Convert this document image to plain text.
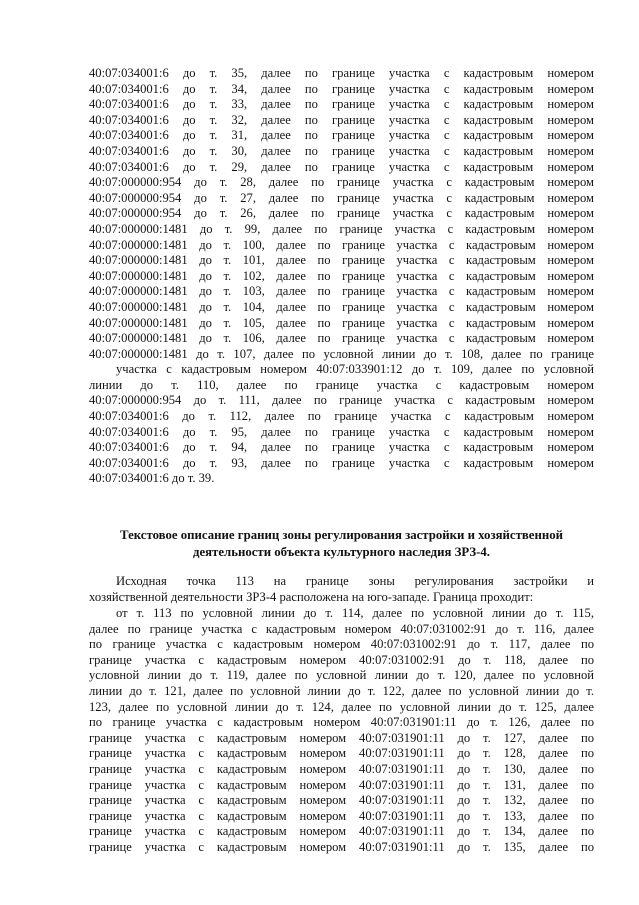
40:07:034001:6 до т. 35, далее по границе участка с кадастровым номером
40:07:034001:6 до т. 34, далее по границе участка с кадастровым номером
40:07:034001:6 до т. 33, далее по границе участка с кадастровым номером
40:07:034001:6 до т. 32, далее по границе участка с кадастровым номером
40:07:034001:6 до т. 31, далее по границе участка с кадастровым номером
40:07:034001:6 до т. 30, далее по границе участка с кадастровым номером
40:07:034001:6 до т. 29, далее по границе участка с кадастровым номером
40:07:000000:954 до т. 28, далее по границе участка с кадастровым номером
40:07:000000:954 до т. 27, далее по границе участка с кадастровым номером
40:07:000000:954 до т. 26, далее по границе участка с кадастровым номером
40:07:000000:1481 до т. 99, далее по границе участка с кадастровым номером
40:07:000000:1481 до т. 100, далее по границе участка с кадастровым номером
40:07:000000:1481 до т. 101, далее по границе участка с кадастровым номером
40:07:000000:1481 до т. 102, далее по границе участка с кадастровым номером
40:07:000000:1481 до т. 103, далее по границе участка с кадастровым номером
40:07:000000:1481 до т. 104, далее по границе участка с кадастровым номером
40:07:000000:1481 до т. 105, далее по границе участка с кадастровым номером
40:07:000000:1481 до т. 106, далее по границе участка с кадастровым номером
40:07:000000:1481 до т. 107, далее по условной линии до т. 108, далее по границе
участка с кадастровым номером 40:07:033901:12 до т. 109, далее по условной
линии до т. 110, далее по границе участка с кадастровым номером
40:07:000000:954 до т. 111, далее по границе участка с кадастровым номером
40:07:034001:6 до т. 112, далее по границе участка с кадастровым номером
40:07:034001:6 до т. 95, далее по границе участка с кадастровым номером
40:07:034001:6 до т. 94, далее по границе участка с кадастровым номером
40:07:034001:6 до т. 93, далее по границе участка с кадастровым номером
40:07:034001:6 до т. 39.
Текстовое описание границ зоны регулирования застройки и хозяйственной
деятельности объекта культурного наследия ЗРЗ-4.
Исходная точка 113 на границе зоны регулирования застройки и
хозяйственной деятельности ЗРЗ-4 расположена на юго-западе. Граница проходит:
от т. 113 по условной линии до т. 114, далее по условной линии до т. 115,
далее по границе участка с кадастровым номером 40:07:031002:91 до т. 116, далее
по границе участка с кадастровым номером 40:07:031002:91 до т. 117, далее по
границе участка с кадастровым номером 40:07:031002:91 до т. 118, далее по
условной линии до т. 119, далее по условной линии до т. 120, далее по условной
линии до т. 121, далее по условной линии до т. 122, далее по условной линии до т.
123, далее по условной линии до т. 124, далее по условной линии до т. 125, далее
по границе участка с кадастровым номером 40:07:031901:11 до т. 126, далее по
границе участка с кадастровым номером 40:07:031901:11 до т. 127, далее по
границе участка с кадастровым номером 40:07:031901:11 до т. 128, далее по
границе участка с кадастровым номером 40:07:031901:11 до т. 130, далее по
границе участка с кадастровым номером 40:07:031901:11 до т. 131, далее по
границе участка с кадастровым номером 40:07:031901:11 до т. 132, далее по
границе участка с кадастровым номером 40:07:031901:11 до т. 133, далее по
границе участка с кадастровым номером 40:07:031901:11 до т. 134, далее по
границе участка с кадастровым номером 40:07:031901:11 до т. 135, далее по
